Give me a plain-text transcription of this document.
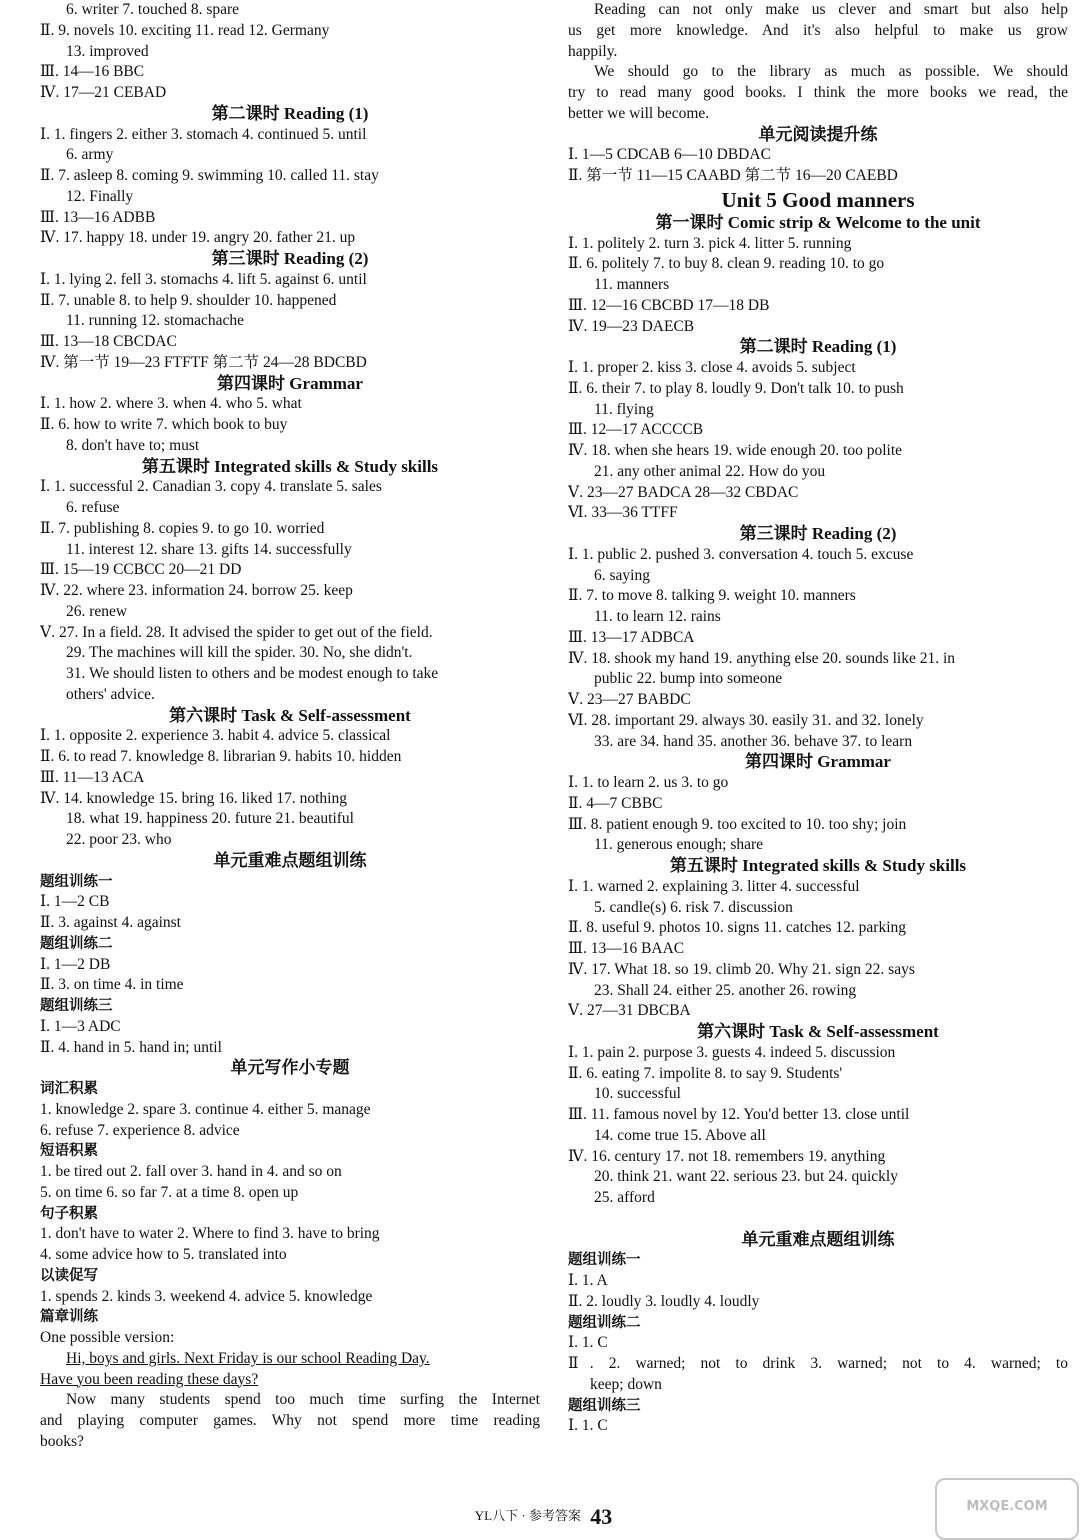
6. writer 7. touched 8. spare
Ⅱ. 9. novels 10. exciting 11. read 12. Germany
13. improved
Ⅲ. 14—16 BBC
Ⅳ. 17—21 CEBAD
第二课时 Reading (1)
Ⅰ. 1. fingers 2. either 3. stomach 4. continued 5. until
6. army
Ⅱ. 7. asleep 8. coming 9. swimming 10. called 11. stay
12. Finally
Ⅲ. 13—16 ADBB
Ⅳ. 17. happy 18. under 19. angry 20. father 21. up
第三课时 Reading (2)
Ⅰ. 1. lying 2. fell 3. stomachs 4. lift 5. against 6. until
Ⅱ. 7. unable 8. to help 9. shoulder 10. happened
11. running 12. stomachache
Ⅲ. 13—18 CBCDAC
Ⅳ. 第一节 19—23 FTFTF 第二节 24—28 BDCBD
第四课时 Grammar
Ⅰ. 1. how 2. where 3. when 4. who 5. what
Ⅱ. 6. how to write 7. which book to buy
8. don't have to; must
第五课时 Integrated skills & Study skills
Ⅰ. 1. successful 2. Canadian 3. copy 4. translate 5. sales
6. refuse
Ⅱ. 7. publishing 8. copies 9. to go 10. worried
11. interest 12. share 13. gifts 14. successfully
Ⅲ. 15—19 CCBCC 20—21 DD
Ⅳ. 22. where 23. information 24. borrow 25. keep
26. renew
Ⅴ. 27. In a field. 28. It advised the spider to get out of the field.
29. The machines will kill the spider. 30. No, she didn't.
31. We should listen to others and be modest enough to take
others' advice.
第六课时 Task & Self-assessment
Ⅰ. 1. opposite 2. experience 3. habit 4. advice 5. classical
Ⅱ. 6. to read 7. knowledge 8. librarian 9. habits 10. hidden
Ⅲ. 11—13 ACA
Ⅳ. 14. knowledge 15. bring 16. liked 17. nothing
18. what 19. happiness 20. future 21. beautiful
22. poor 23. who
单元重难点题组训练
题组训练一
Ⅰ. 1—2 CB
Ⅱ. 3. against 4. against
题组训练二
Ⅰ. 1—2 DB
Ⅱ. 3. on time 4. in time
题组训练三
Ⅰ. 1—3 ADC
Ⅱ. 4. hand in 5. hand in; until
单元写作小专题
词汇积累
1. knowledge 2. spare 3. continue 4. either 5. manage
6. refuse 7. experience 8. advice
短语积累
1. be tired out 2. fall over 3. hand in 4. and so on
5. on time 6. so far 7. at a time 8. open up
句子积累
1. don't have to water 2. Where to find 3. have to bring
4. some advice how to 5. translated into
以读促写
1. spends 2. kinds 3. weekend 4. advice 5. knowledge
篇章训练
One possible version:
Hi, boys and girls. Next Friday is our school Reading Day.
Have you been reading these days?
Now many students spend too much time surfing the Internet
and playing computer games. Why not spend more time reading
books?
Reading can not only make us clever and smart but also help
us get more knowledge. And it's also helpful to make us grow
happily.
We should go to the library as much as possible. We should
try to read many good books. I think the more books we read, the
better we will become.
单元阅读提升练
Ⅰ. 1—5 CDCAB 6—10 DBDAC
Ⅱ. 第一节 11—15 CAABD 第二节 16—20 CAEBD
Unit 5 Good manners
第一课时 Comic strip & Welcome to the unit
Ⅰ. 1. politely 2. turn 3. pick 4. litter 5. running
Ⅱ. 6. politely 7. to buy 8. clean 9. reading 10. to go
11. manners
Ⅲ. 12—16 CBCBD 17—18 DB
Ⅳ. 19—23 DAECB
第二课时 Reading (1)
Ⅰ. 1. proper 2. kiss 3. close 4. avoids 5. subject
Ⅱ. 6. their 7. to play 8. loudly 9. Don't talk 10. to push
11. flying
Ⅲ. 12—17 ACCCCB
Ⅳ. 18. when she hears 19. wide enough 20. too polite
21. any other animal 22. How do you
Ⅴ. 23—27 BADCA 28—32 CBDAC
Ⅵ. 33—36 TTFF
第三课时 Reading (2)
Ⅰ. 1. public 2. pushed 3. conversation 4. touch 5. excuse
6. saying
Ⅱ. 7. to move 8. talking 9. weight 10. manners
11. to learn 12. rains
Ⅲ. 13—17 ADBCA
Ⅳ. 18. shook my hand 19. anything else 20. sounds like 21. in
public 22. bump into someone
Ⅴ. 23—27 BABDC
Ⅵ. 28. important 29. always 30. easily 31. and 32. lonely
33. are 34. hand 35. another 36. behave 37. to learn
第四课时 Grammar
Ⅰ. 1. to learn 2. us 3. to go
Ⅱ. 4—7 CBBC
Ⅲ. 8. patient enough 9. too excited to 10. too shy; join
11. generous enough; share
第五课时 Integrated skills & Study skills
Ⅰ. 1. warned 2. explaining 3. litter 4. successful
5. candle(s) 6. risk 7. discussion
Ⅱ. 8. useful 9. photos 10. signs 11. catches 12. parking
Ⅲ. 13—16 BAAC
Ⅳ. 17. What 18. so 19. climb 20. Why 21. sign 22. says
23. Shall 24. either 25. another 26. rowing
Ⅴ. 27—31 DBCBA
第六课时 Task & Self-assessment
Ⅰ. 1. pain 2. purpose 3. guests 4. indeed 5. discussion
Ⅱ. 6. eating 7. impolite 8. to say 9. Students'
10. successful
Ⅲ. 11. famous novel by 12. You'd better 13. close until
14. come true 15. Above all
Ⅳ. 16. century 17. not 18. remembers 19. anything
20. think 21. want 22. serious 23. but 24. quickly
25. afford
单元重难点题组训练
题组训练一
Ⅰ. 1. A
Ⅱ. 2. loudly 3. loudly 4. loudly
题组训练二
Ⅰ. 1. C
Ⅱ. 2. warned; not to drink 3. warned; not to 4. warned; to
keep; down
题组训练三
Ⅰ. 1. C
YL八下 · 参考答案 43	MXQE.COM
